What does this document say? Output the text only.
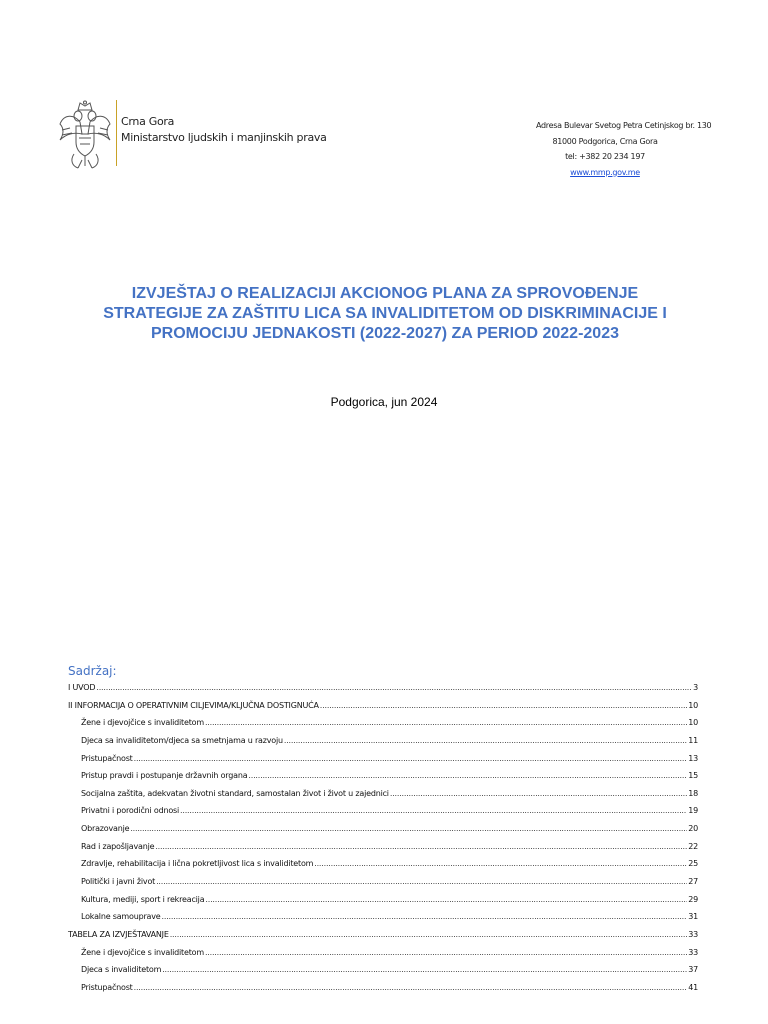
Crna Gora
Ministarstvo ljudskih i manjinskih prava
Adresa Bulevar Svetog Petra Cetinjskog br. 130
81000 Podgorica, Crna Gora
tel: +382 20 234 197
www.mmp.gov.me
IZVJEŠTAJ O REALIZACIJI AKCIONOG PLANA ZA SPROVOĐENJE
STRATEGIJE ZA ZAŠTITU LICA SA INVALIDITETOM OD DISKRIMINACIJE I
PROMOCIJU JEDNAKOSTI (2022-2027) ZA PERIOD 2022-2023
Podgorica, jun 2024
Sadržaj:
I UVOD .....	3
II INFORMACIJA O OPERATIVNIM CILJEVIMA/KLJUČNA DOSTIGNUĆA .....	10
Žene i djevojčice s invaliditetom .....	10
Djeca sa invaliditetom/djeca sa smetnjama u razvoju .....	11
Pristupačnost .....	13
Pristup pravdi i postupanje državnih organa .....	15
Socijalna zaštita, adekvatan životni standard, samostalan život i život u zajednici .....	18
Privatni i porodični odnosi .....	19
Obrazovanje .....	20
Rad i zapošljavanje .....	22
Zdravlje, rehabilitacija i lična pokretljivost lica s invaliditetom .....	25
Politički i javni život .....	27
Kultura, mediji, sport i rekreacija .....	29
Lokalne samouprave .....	31
TABELA ZA IZVJEŠTAVANJE .....	33
Žene i djevojčice s invaliditetom .....	33
Djeca s invaliditetom .....	37
Pristupačnost .....	41
